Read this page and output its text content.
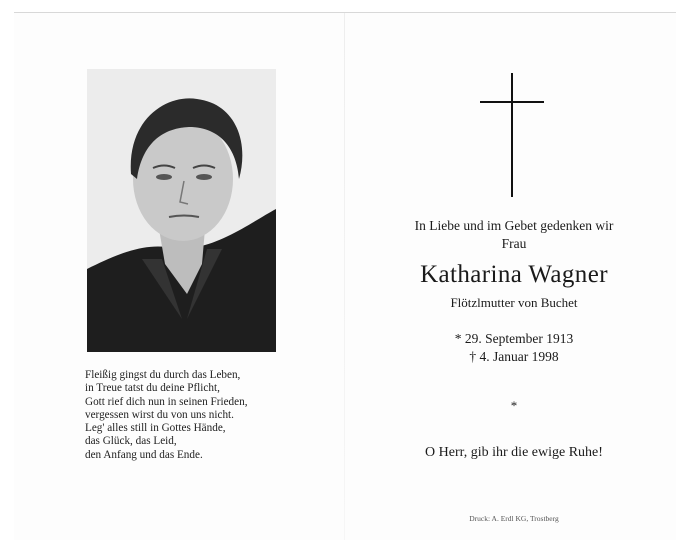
Fleißig gingst du durch das Leben,
in Treue tatst du deine Pflicht,
Gott rief dich nun in seinen Frieden,
vergessen wirst du von uns nicht.
Leg' alles still in Gottes Hände,
das Glück, das Leid,
den Anfang und das Ende.
In Liebe und im Gebet gedenken wir
Frau
Katharina Wagner
Flötzlmutter von Buchet
* 29. September 1913
† 4. Januar 1998
*
O Herr, gib ihr die ewige Ruhe!
Druck: A. Erdl KG, Trostberg
